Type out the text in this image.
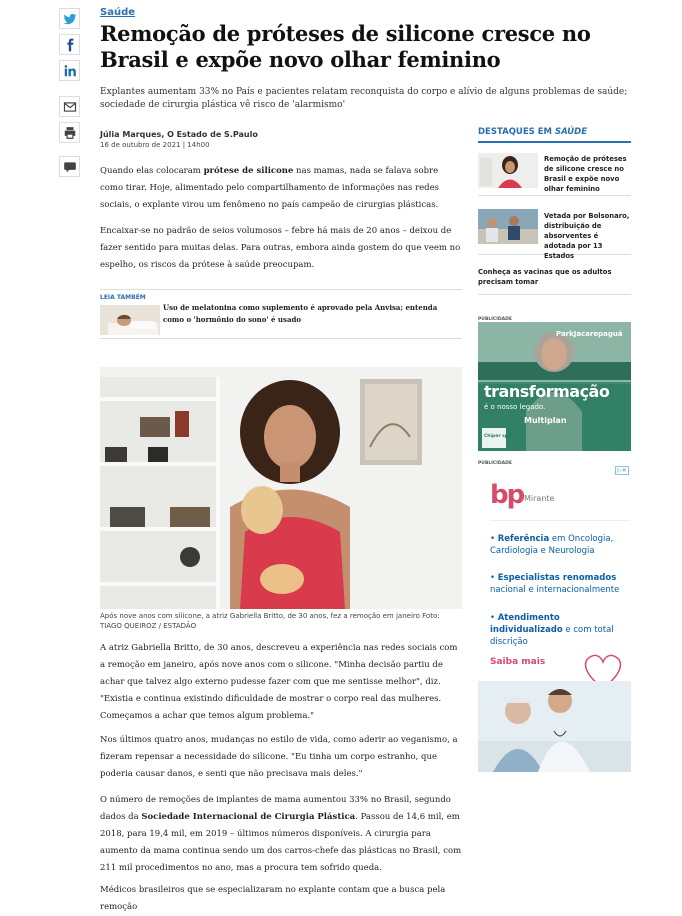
Saúde
Remoção de próteses de silicone cresce no Brasil e expõe novo olhar feminino

Explantes aumentam 33% no País e pacientes relatam reconquista do corpo e alívio de alguns problemas de saúde; sociedade de cirurgia plástica vê risco de 'alarmismo'

Júlia Marques, O Estado de S.Paulo
16 de outubro de 2021 | 14h00

Quando elas colocaram prótese de silicone nas mamas, nada se falava sobre como tirar. Hoje, alimentado pelo compartilhamento de informações nas redes sociais, o explante virou um fenômeno no país campeão de cirurgias plásticas.

Encaixar-se no padrão de seios volumosos – febre há mais de 20 anos – deixou de fazer sentido para muitas delas. Para outras, embora ainda gostem do que veem no espelho, os riscos da prótese à saúde preocupam.

LEIA TAMBÉM
Uso de melatonina como suplemento é aprovado pela Anvisa; entenda como o 'hormônio do sono' é usado
Após nove anos com silicone, a atriz Gabriella Britto, de 30 anos, fez a remoção em janeiro Foto: TIAGO QUEIROZ / ESTADÃO

A atriz Gabriella Britto, de 30 anos, descreveu a experiência nas redes sociais com a remoção em janeiro, após nove anos com o silicone. "Minha decisão partiu de achar que talvez algo externo pudesse fazer com que me sentisse melhor", diz. "Existia e continua existindo dificuldade de mostrar o corpo real das mulheres. Começamos a achar que temos algum problema."

Nos últimos quatro anos, mudanças no estilo de vida, como aderir ao veganismo, a fizeram repensar a necessidade do silicone. "Eu tinha um corpo estranho, que poderia causar danos, e senti que não precisava mais deles."

O número de remoções de implantes de mama aumentou 33% no Brasil, segundo dados da Sociedade Internacional de Cirurgia Plástica. Passou de 14,6 mil, em 2018, para 19,4 mil, em 2019 – últimos números disponíveis. A cirurgia para aumento da mama continua sendo um dos carros-chefe das plásticas no Brasil, com 211 mil procedimentos no ano, mas a procura tem sofrido queda.

Médicos brasileiros que se especializaram no explante contam que a busca pela remoção

DESTAQUES EM SAÚDE
Remoção de próteses de silicone cresce no Brasil e expõe novo olhar feminino
Vetada por Bolsonaro, distribuição de absorventes é adotada por 13 Estados
Conheça as vacinas que os adultos precisam tomar
PUBLICIDADE
ParkJacarepaguá
transformação
é o nosso legado.
Multiplan
Chiper spol
PUBLICIDADE
▷✕
bp Mirante
• Referência em Oncologia, Cardiologia e Neurologia
• Especialistas renomados nacional e internacionalmente
• Atendimento individualizado e com total discrição
Saiba mais
